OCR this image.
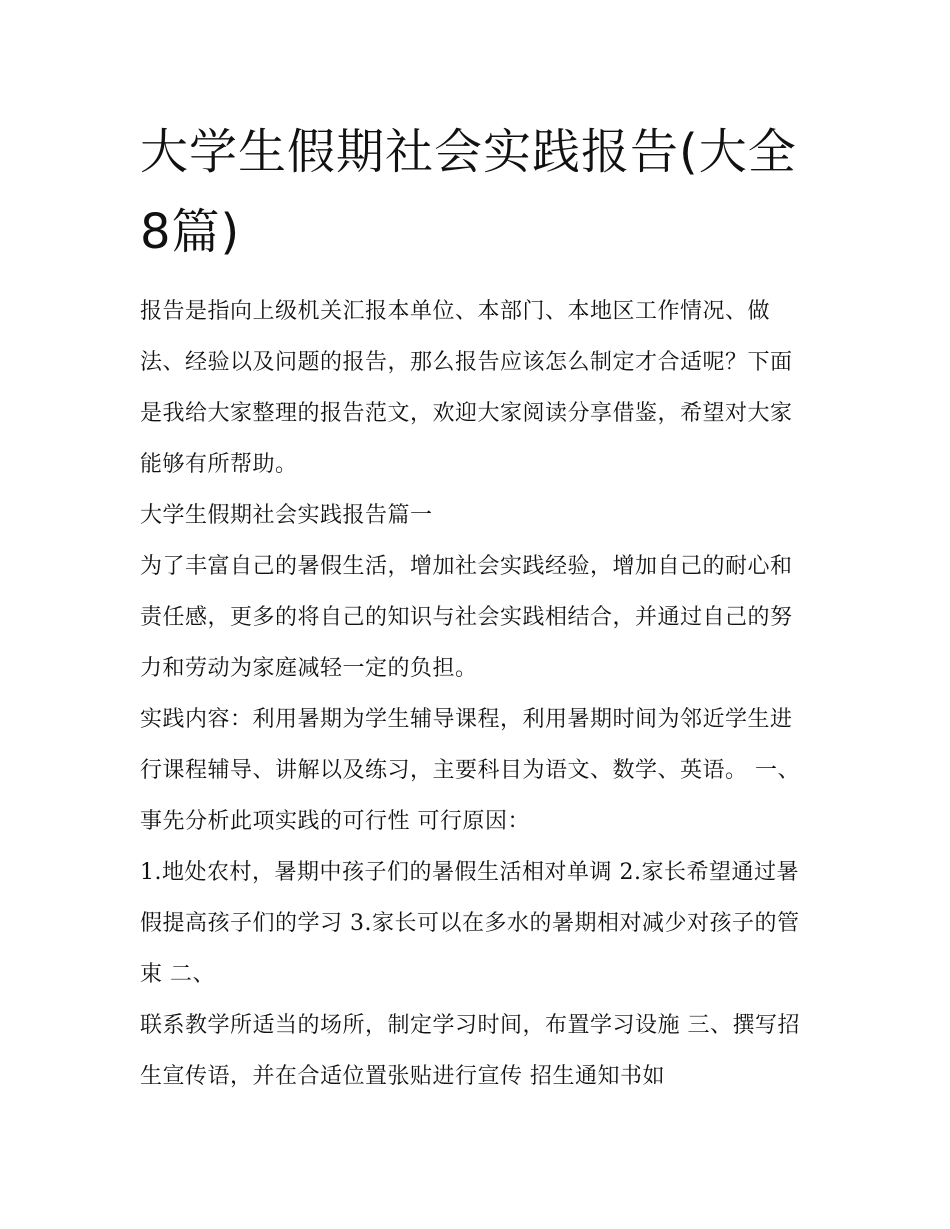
大学生假期社会实践报告(大全8篇)

报告是指向上级机关汇报本单位、本部门、本地区工作情况、做法、经验以及问题的报告，那么报告应该怎么制定才合适呢？下面是我给大家整理的报告范文，欢迎大家阅读分享借鉴，希望对大家能够有所帮助。

大学生假期社会实践报告篇一

为了丰富自己的暑假生活，增加社会实践经验，增加自己的耐心和责任感，更多的将自己的知识与社会实践相结合，并通过自己的努力和劳动为家庭减轻一定的负担。

实践内容：利用暑期为学生辅导课程，利用暑期时间为邻近学生进行课程辅导、讲解以及练习，主要科目为语文、数学、英语。 一、 事先分析此项实践的可行性 可行原因：

1.地处农村，暑期中孩子们的暑假生活相对单调 2.家长希望通过暑假提高孩子们的学习 3.家长可以在多水的暑期相对减少对孩子的管束 二、

联系教学所适当的场所，制定学习时间，布置学习设施 三、撰写招生宣传语，并在合适位置张贴进行宣传 招生通知书如
